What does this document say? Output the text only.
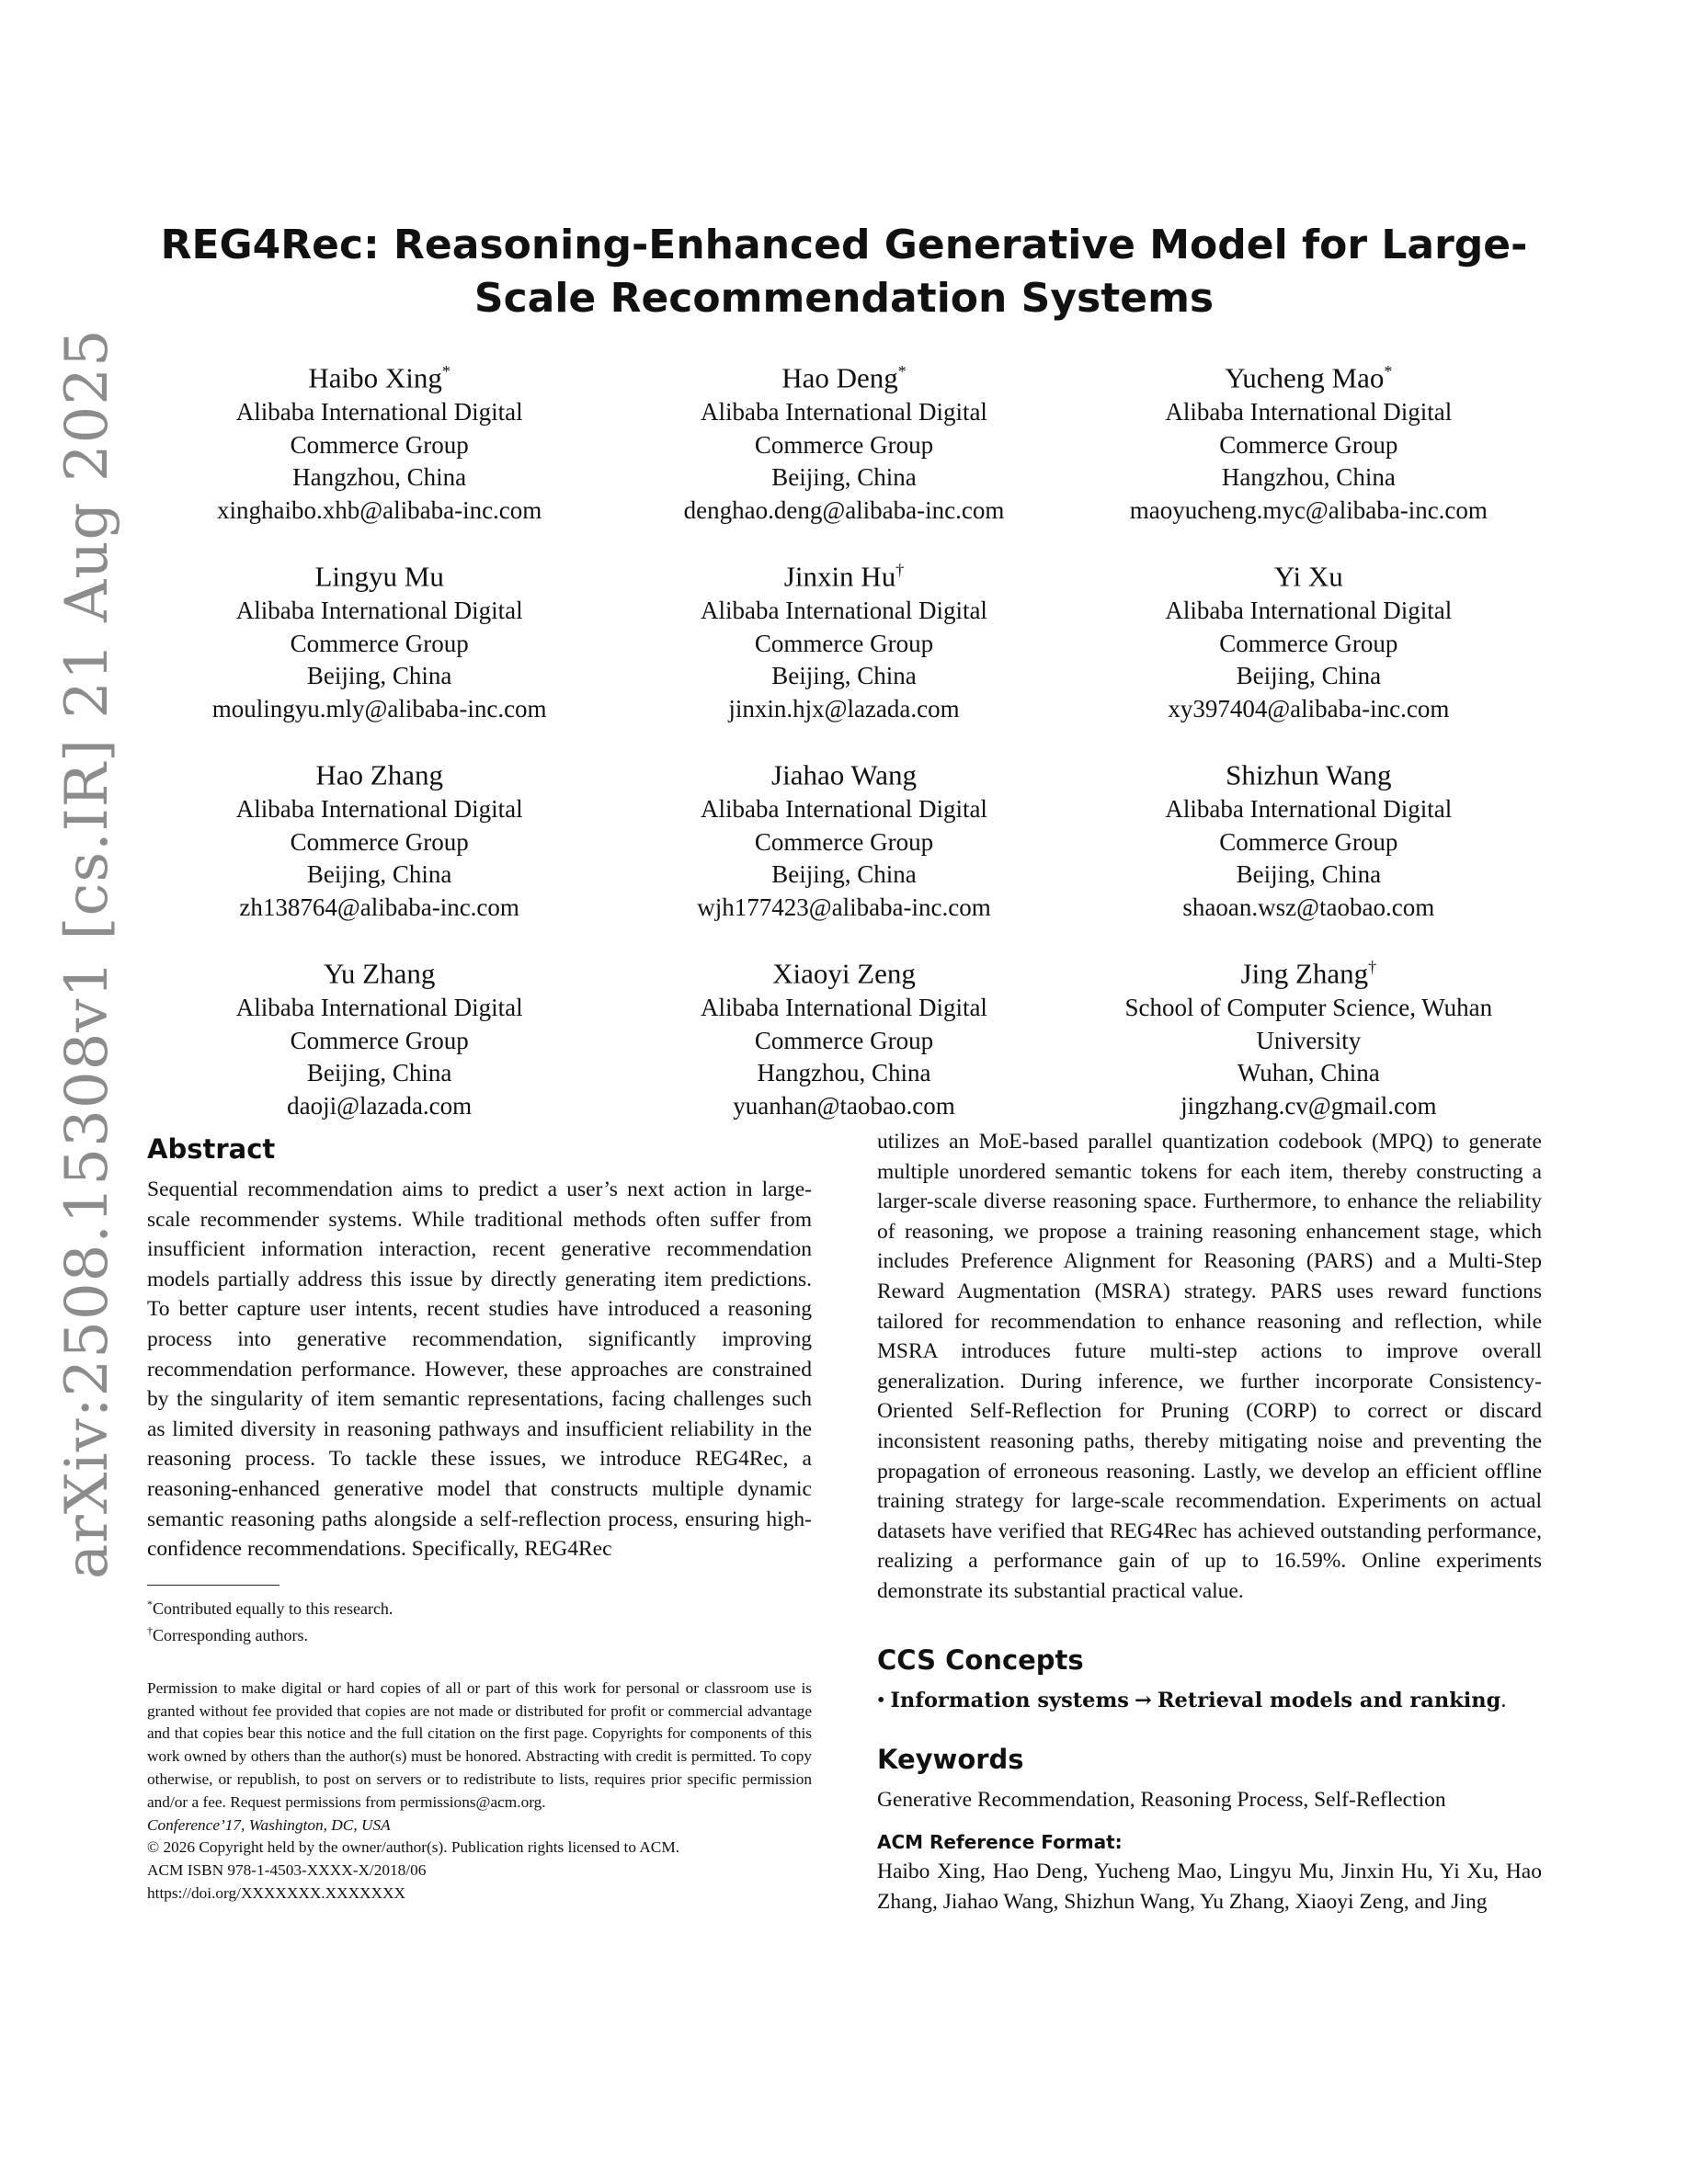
arXiv:2508.15308v1 [cs.IR] 21 Aug 2025
REG4Rec: Reasoning-Enhanced Generative Model for Large-Scale Recommendation Systems
Haibo Xing*
Alibaba International Digital
Commerce Group
Hangzhou, China
xinghaibo.xhb@alibaba-inc.com
Hao Deng*
Alibaba International Digital
Commerce Group
Beijing, China
denghao.deng@alibaba-inc.com
Yucheng Mao*
Alibaba International Digital
Commerce Group
Hangzhou, China
maoyucheng.myc@alibaba-inc.com
Lingyu Mu
Alibaba International Digital
Commerce Group
Beijing, China
moulingyu.mly@alibaba-inc.com
Jinxin Hu†
Alibaba International Digital
Commerce Group
Beijing, China
jinxin.hjx@lazada.com
Yi Xu
Alibaba International Digital
Commerce Group
Beijing, China
xy397404@alibaba-inc.com
Hao Zhang
Alibaba International Digital
Commerce Group
Beijing, China
zh138764@alibaba-inc.com
Jiahao Wang
Alibaba International Digital
Commerce Group
Beijing, China
wjh177423@alibaba-inc.com
Shizhun Wang
Alibaba International Digital
Commerce Group
Beijing, China
shaoan.wsz@taobao.com
Yu Zhang
Alibaba International Digital
Commerce Group
Beijing, China
daoji@lazada.com
Xiaoyi Zeng
Alibaba International Digital
Commerce Group
Hangzhou, China
yuanhan@taobao.com
Jing Zhang†
School of Computer Science, Wuhan
University
Wuhan, China
jingzhang.cv@gmail.com
Abstract

Sequential recommendation aims to predict a user’s next action in large-scale recommender systems. While traditional methods often suffer from insufficient information interaction, recent generative recommendation models partially address this issue by directly generating item predictions. To better capture user intents, recent studies have introduced a reasoning process into generative recommendation, significantly improving recommendation performance. However, these approaches are constrained by the singularity of item semantic representations, facing challenges such as limited diversity in reasoning pathways and insufficient reliability in the reasoning process. To tackle these issues, we introduce REG4Rec, a reasoning-enhanced generative model that constructs multiple dynamic semantic reasoning paths alongside a self-reflection process, ensuring high-confidence recommendations. Specifically, REG4Rec

*Contributed equally to this research.
†Corresponding authors.
Permission to make digital or hard copies of all or part of this work for personal or classroom use is granted without fee provided that copies are not made or distributed for profit or commercial advantage and that copies bear this notice and the full citation on the first page. Copyrights for components of this work owned by others than the author(s) must be honored. Abstracting with credit is permitted. To copy otherwise, or republish, to post on servers or to redistribute to lists, requires prior specific permission and/or a fee. Request permissions from permissions@acm.org.
Conference’17, Washington, DC, USA
© 2026 Copyright held by the owner/author(s). Publication rights licensed to ACM.
ACM ISBN 978-1-4503-XXXX-X/2018/06
https://doi.org/XXXXXXX.XXXXXXX

utilizes an MoE-based parallel quantization codebook (MPQ) to generate multiple unordered semantic tokens for each item, thereby constructing a larger-scale diverse reasoning space. Furthermore, to enhance the reliability of reasoning, we propose a training reasoning enhancement stage, which includes Preference Alignment for Reasoning (PARS) and a Multi-Step Reward Augmentation (MSRA) strategy. PARS uses reward functions tailored for recommendation to enhance reasoning and reflection, while MSRA introduces future multi-step actions to improve overall generalization. During inference, we further incorporate Consistency-Oriented Self-Reflection for Pruning (CORP) to correct or discard inconsistent reasoning paths, thereby mitigating noise and preventing the propagation of erroneous reasoning. Lastly, we develop an efficient offline training strategy for large-scale recommendation. Experiments on actual datasets have verified that REG4Rec has achieved outstanding performance, realizing a performance gain of up to 16.59%. Online experiments demonstrate its substantial practical value.

CCS Concepts
• Information systems → Retrieval models and ranking.
Keywords

Generative Recommendation, Reasoning Process, Self-Reflection

ACM Reference Format:

Haibo Xing, Hao Deng, Yucheng Mao, Lingyu Mu, Jinxin Hu, Yi Xu, Hao Zhang, Jiahao Wang, Shizhun Wang, Yu Zhang, Xiaoyi Zeng, and Jing
